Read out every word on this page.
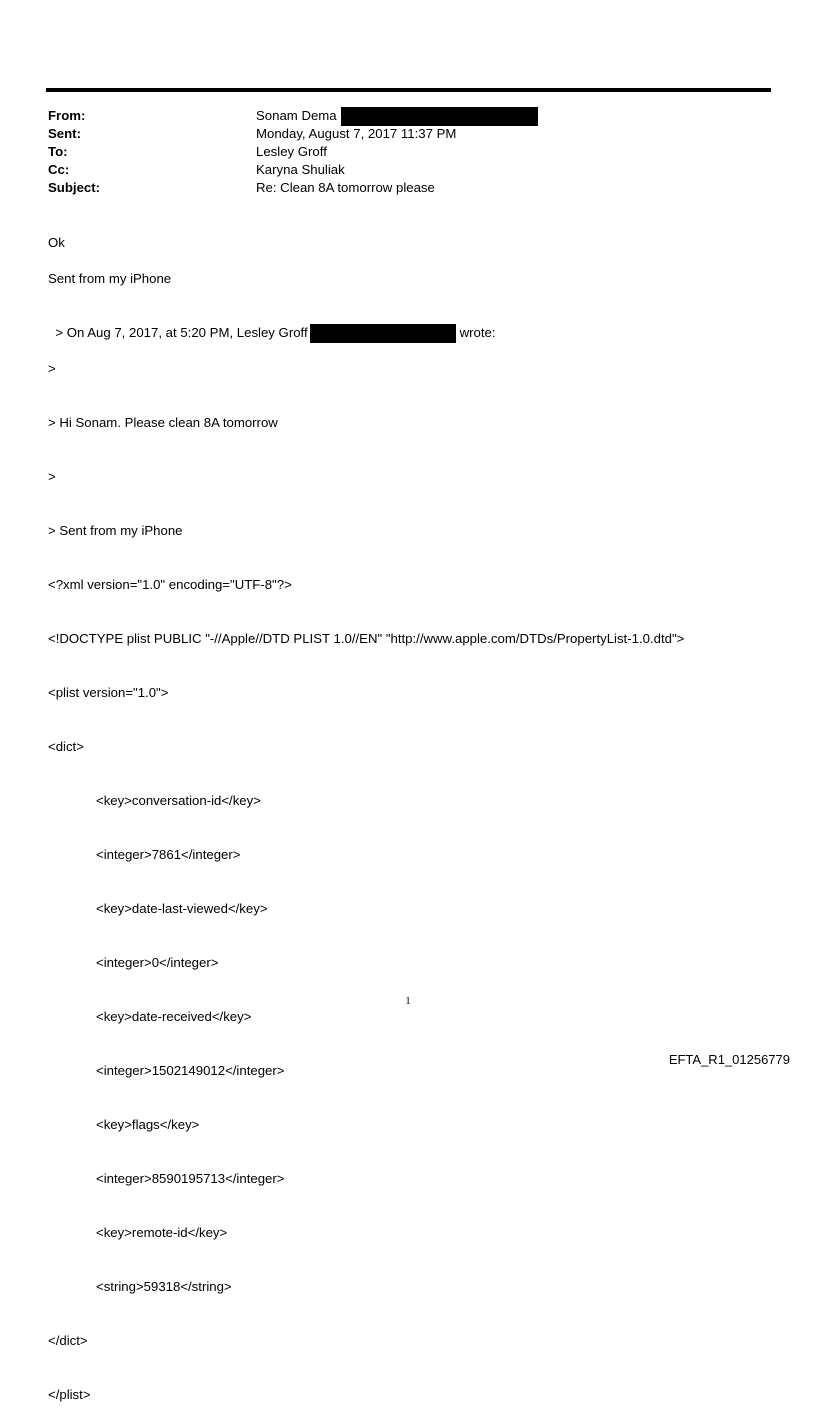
From:	Sonam Dema
Sent:	Monday, August 7, 2017 11:37 PM
To:	Lesley Groff
Cc:	Karyna Shuliak
Subject:	Re: Clean 8A tomorrow please
Ok
Sent from my iPhone

> On Aug 7, 2017, at 5:20 PM, Lesley Groff	wrote:

>

> Hi Sonam. Please clean 8A tomorrow

>

> Sent from my iPhone

<?xml version="1.0" encoding="UTF-8"?>

<!DOCTYPE plist PUBLIC "-//Apple//DTD PLIST 1.0//EN" "http://www.apple.com/DTDs/PropertyList-1.0.dtd">

<plist version="1.0">

<dict>

<key>conversation-id</key>

<integer>7861</integer>

<key>date-last-viewed</key>

<integer>0</integer>

<key>date-received</key>

<integer>1502149012</integer>

<key>flags</key>

<integer>8590195713</integer>

<key>remote-id</key>

<string>59318</string>

</dict>

</plist>

1
EFTA_R1_01256779
